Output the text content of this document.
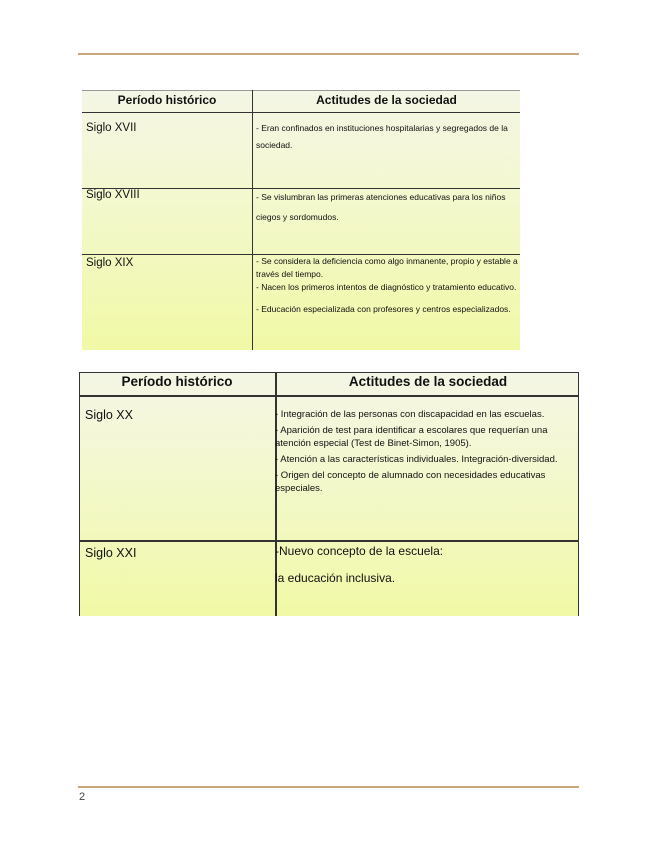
Período histórico	Actitudes de la sociedad
Siglo XVII	- Eran confinados en instituciones hospitalarias y segregados de la sociedad.
Siglo XVIII	- Se vislumbran las primeras atenciones educativas para los niños ciegos y sordomudos.
Siglo XIX	- Se considera la deficiencia como algo inmanente, propio y estable a través del tiempo.
- Nacen los primeros intentos de diagnóstico y tratamiento educativo.
- Educación especializada con profesores y centros especializados.
Período histórico	Actitudes de la sociedad
Siglo XX	- Integración de las personas con discapacidad en las escuelas.
- Aparición de test para identificar a escolares que requerían una atención especial (Test de Binet-Simon, 1905).
- Atención a las características individuales. Integración-diversidad.
- Origen del concepto de alumnado con necesidades educativas especiales.
Siglo XXI	-Nuevo concepto de la escuela:
la educación inclusiva.
2
